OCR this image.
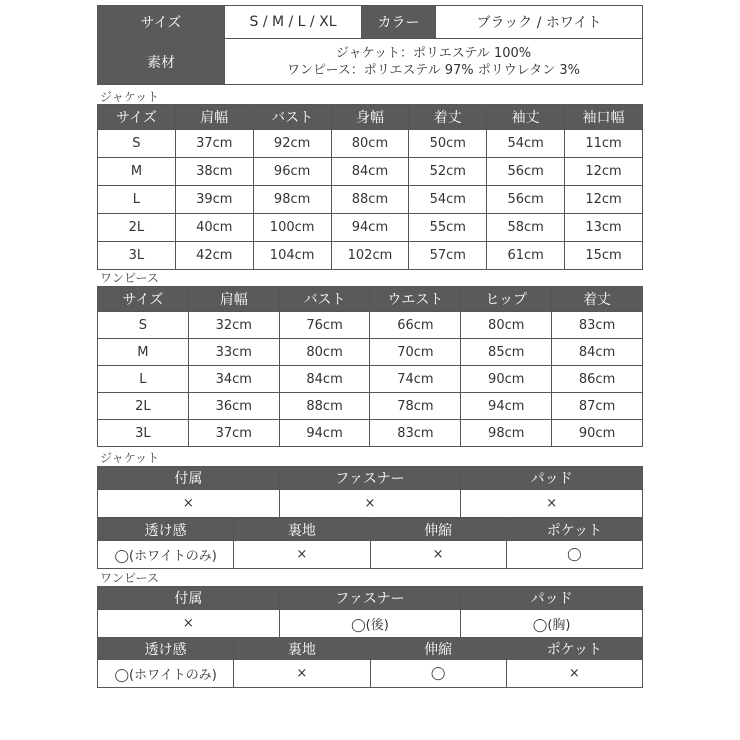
サイズ	S / M / L / XL	カラー	ブラック / ホワイト
素材	ジャケット：ポリエステル 100%
ワンピース：ポリエステル 97% ポリウレタン 3%		
ジャケット
サイズ	肩幅	バスト	身幅	着丈	袖丈	袖口幅
S	37cm	92cm	80cm	50cm	54cm	11cm
M	38cm	96cm	84cm	52cm	56cm	12cm
L	39cm	98cm	88cm	54cm	56cm	12cm
2L	40cm	100cm	94cm	55cm	58cm	13cm
3L	42cm	104cm	102cm	57cm	61cm	15cm
ワンピース
サイズ	肩幅	バスト	ウエスト	ヒップ	着丈
S	32cm	76cm	66cm	80cm	83cm
M	33cm	80cm	70cm	85cm	84cm
L	34cm	84cm	74cm	90cm	86cm
2L	36cm	88cm	78cm	94cm	87cm
3L	37cm	94cm	83cm	98cm	90cm
ジャケット
付属	ファスナー	パッド
×	×	×
透け感	裏地	伸縮	ポケット
◯(ホワイトのみ)	×	×	◯
ワンピース
付属	ファスナー	パッド
×	◯(後)	◯(胸)
透け感	裏地	伸縮	ポケット
◯(ホワイトのみ)	×	◯	×
